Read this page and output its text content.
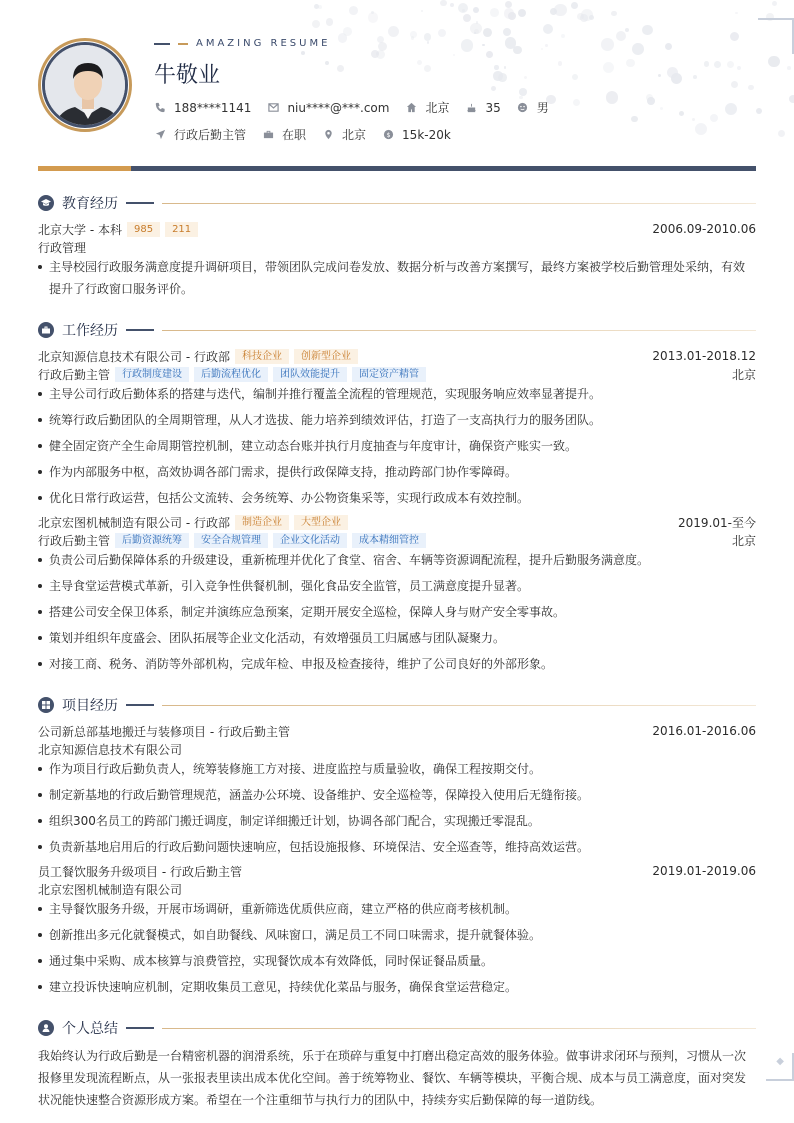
◆
AMAZING RESUME
牛敬业
188****1141	niu****@***.com	北京	35	男
行政后勤主管	在职	北京	$ 15k-20k
教育经历
北京大学 - 本科	985	211	2006.09-2010.06
行政管理
主导校园行政服务满意度提升调研项目，带领团队完成问卷发放、数据分析与改善方案撰写，最终方案被学校后勤管理处采纳，有效提升了行政窗口服务评价。
工作经历
北京知源信息技术有限公司 - 行政部	科技企业	创新型企业	2013.01-2018.12
行政后勤主管	行政制度建设	后勤流程优化	团队效能提升	固定资产精管	北京
主导公司行政后勤体系的搭建与迭代，编制并推行覆盖全流程的管理规范，实现服务响应效率显著提升。
统筹行政后勤团队的全周期管理，从人才选拔、能力培养到绩效评估，打造了一支高执行力的服务团队。
健全固定资产全生命周期管控机制，建立动态台账并执行月度抽查与年度审计，确保资产账实一致。
作为内部服务中枢，高效协调各部门需求，提供行政保障支持，推动跨部门协作零障碍。
优化日常行政运营，包括公文流转、会务统筹、办公物资集采等，实现行政成本有效控制。
北京宏图机械制造有限公司 - 行政部	制造企业	大型企业	2019.01-至今
行政后勤主管	后勤资源统筹	安全合规管理	企业文化活动	成本精细管控	北京
负责公司后勤保障体系的升级建设，重新梳理并优化了食堂、宿舍、车辆等资源调配流程，提升后勤服务满意度。
主导食堂运营模式革新，引入竞争性供餐机制，强化食品安全监管，员工满意度提升显著。
搭建公司安全保卫体系，制定并演练应急预案，定期开展安全巡检，保障人身与财产安全零事故。
策划并组织年度盛会、团队拓展等企业文化活动，有效增强员工归属感与团队凝聚力。
对接工商、税务、消防等外部机构，完成年检、申报及检查接待，维护了公司良好的外部形象。
项目经历
公司新总部基地搬迁与装修项目 - 行政后勤主管	2016.01-2016.06
北京知源信息技术有限公司
作为项目行政后勤负责人，统筹装修施工方对接、进度监控与质量验收，确保工程按期交付。
制定新基地的行政后勤管理规范，涵盖办公环境、设备维护、安全巡检等，保障投入使用后无缝衔接。
组织300名员工的跨部门搬迁调度，制定详细搬迁计划，协调各部门配合，实现搬迁零混乱。
负责新基地启用后的行政后勤问题快速响应，包括设施报修、环境保洁、安全巡查等，维持高效运营。
员工餐饮服务升级项目 - 行政后勤主管	2019.01-2019.06
北京宏图机械制造有限公司
主导餐饮服务升级，开展市场调研，重新筛选优质供应商，建立严格的供应商考核机制。
创新推出多元化就餐模式，如自助餐线、风味窗口，满足员工不同口味需求，提升就餐体验。
通过集中采购、成本核算与浪费管控，实现餐饮成本有效降低，同时保证餐品质量。
建立投诉快速响应机制，定期收集员工意见，持续优化菜品与服务，确保食堂运营稳定。
个人总结
我始终认为行政后勤是一台精密机器的润滑系统，乐于在琐碎与重复中打磨出稳定高效的服务体验。做事讲求闭环与预判，习惯从一次报修里发现流程断点，从一张报表里读出成本优化空间。善于统筹物业、餐饮、车辆等模块，平衡合规、成本与员工满意度，面对突发状况能快速整合资源形成方案。希望在一个注重细节与执行力的团队中，持续夯实后勤保障的每一道防线。
